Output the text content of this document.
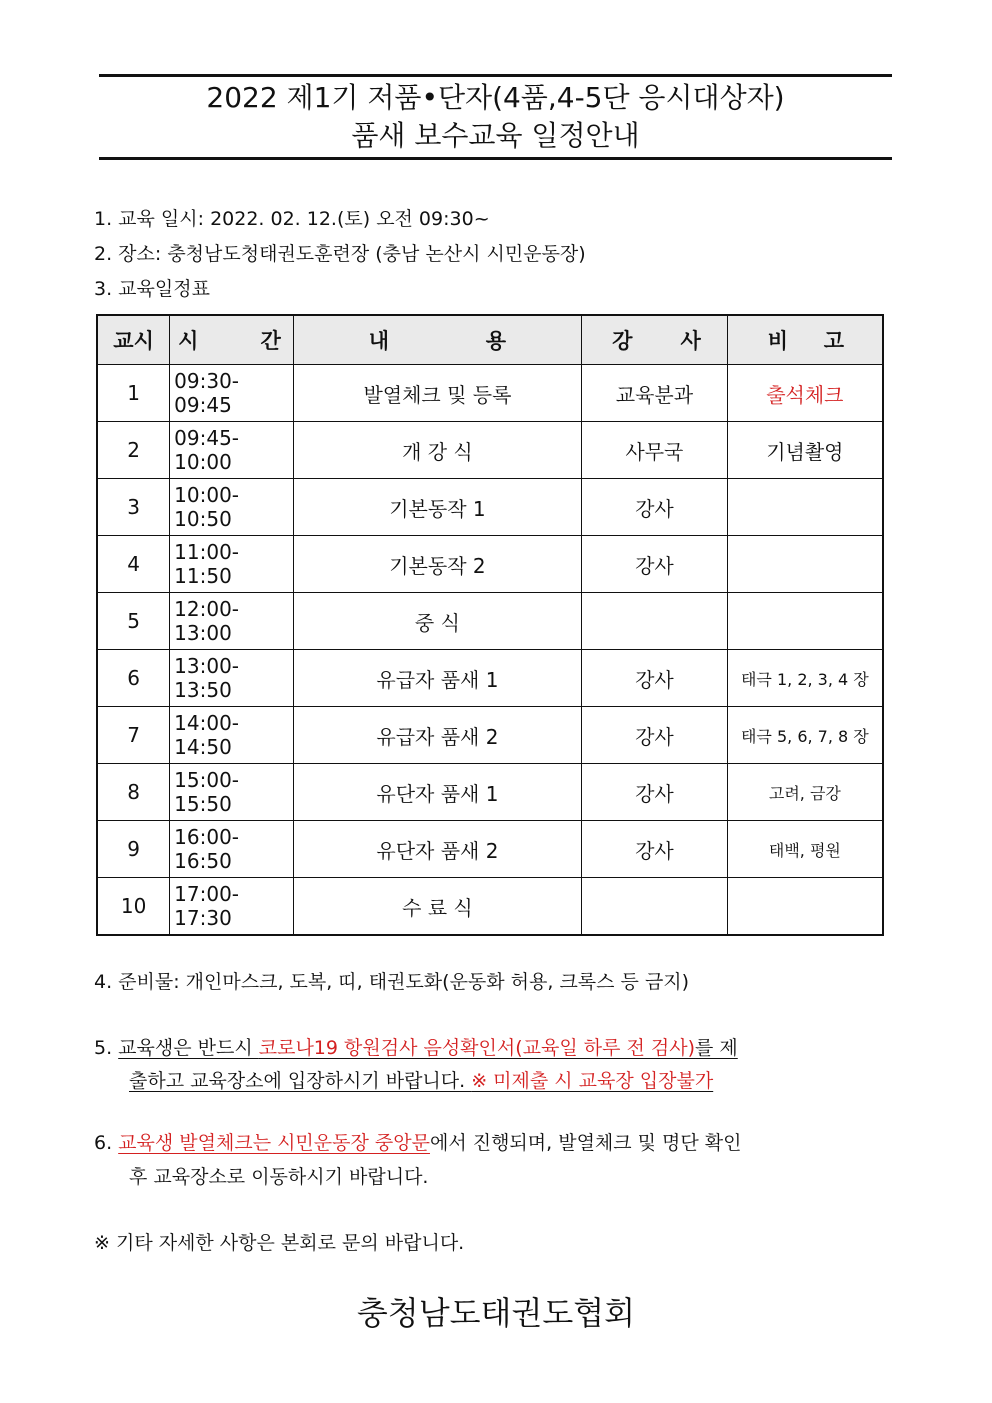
2022 제1기 저품•단자(4품,4-5단 응시대상자)
품새 보수교육 일정안내
1. 교육 일시: 2022. 02. 12.(토) 오전 09:30~
2. 장소: 충청남도청태권도훈련장 (충남 논산시 시민운동장)
3. 교육일정표
교시	시 간	내 용	강 사	비 고

1	09:30-09:45	발열체크 및 등록	교육분과	출석체크
2	09:45-10:00	개 강 식	사무국	기념촬영
3	10:00-10:50	기본동작 1	강사	
4	11:00-11:50	기본동작 2	강사	
5	12:00-13:00	중 식		
6	13:00-13:50	유급자 품새 1	강사	태극 1, 2, 3, 4 장
7	14:00-14:50	유급자 품새 2	강사	태극 5, 6, 7, 8 장
8	15:00-15:50	유단자 품새 1	강사	고려, 금강
9	16:00-16:50	유단자 품새 2	강사	태백, 평원
10	17:00-17:30	수 료 식		
4. 준비물: 개인마스크, 도복, 띠, 태권도화(운동화 허용, 크록스 등 금지)
5. 교육생은 반드시 코로나19 항원검사 음성확인서(교육일 하루 전 검사)를 제
출하고 교육장소에 입장하시기 바랍니다. ※ 미제출 시 교육장 입장불가
6. 교육생 발열체크는 시민운동장 중앙문에서 진행되며, 발열체크 및 명단 확인
후 교육장소로 이동하시기 바랍니다.
※ 기타 자세한 사항은 본회로 문의 바랍니다.
충청남도태권도협회
